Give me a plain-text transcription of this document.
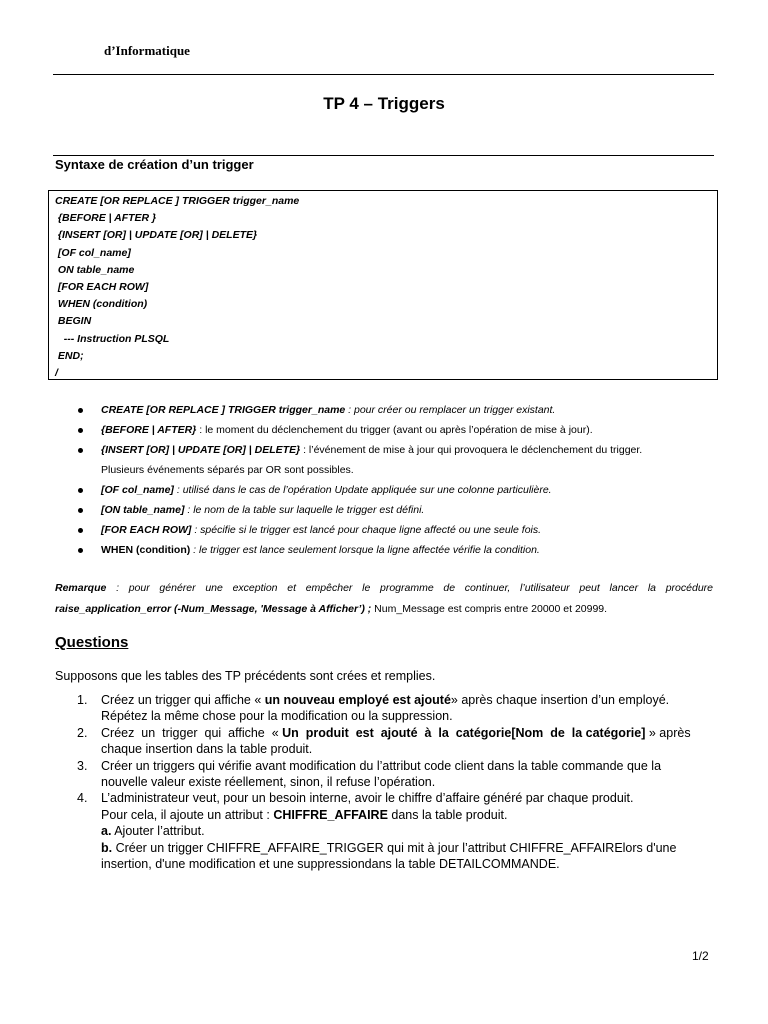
d’Informatique
TP 4 – Triggers
Syntaxe de création d’un trigger
CREATE [OR REPLACE ] TRIGGER trigger_name
{BEFORE | AFTER }
{INSERT [OR] | UPDATE [OR] | DELETE}
[OF col_name]
ON table_name
[FOR EACH ROW]
WHEN (condition)
BEGIN
--- Instruction PLSQL
END;
/
CREATE [OR REPLACE ] TRIGGER trigger_name : pour créer ou remplacer un trigger existant.
{BEFORE | AFTER} : le moment du déclenchement du trigger (avant ou après l’opération de mise à jour).
{INSERT [OR] | UPDATE [OR] | DELETE} : l’événement de mise à jour qui provoquera le déclenchement du trigger.
Plusieurs événements séparés par OR sont possibles.
[OF col_name] : utilisé dans le cas de l’opération Update appliquée sur une colonne particulière.
[ON table_name] : le nom de la table sur laquelle le trigger est défini.
[FOR EACH ROW] : spécifie si le trigger est lancé pour chaque ligne affecté ou une seule fois.
WHEN (condition) : le trigger est lance seulement lorsque la ligne affectée vérifie la condition.
Remarque : pour générer une exception et empêcher le programme de continuer, l’utilisateur peut lancer la procédure raise_application_error (-Num_Message, 'Message à Afficher’) ; Num_Message est compris entre 20000 et 20999.
Questions
Supposons que les tables des TP précédents sont crées et remplies.
1. Créez un trigger qui affiche « un nouveau employé est ajouté» après chaque insertion d’un employé.
Répétez la même chose pour la modification ou la suppression.
2. Créez  un  trigger  qui  affiche  « Un  produit  est  ajouté  à  la  catégorie[Nom  de  la catégorie] » après
chaque insertion dans la table produit.
3. Créer un triggers qui vérifie avant modification du l’attribut code client dans la table commande que la
nouvelle valeur existe réellement, sinon, il refuse l’opération.
4. L’administrateur veut, pour un besoin interne, avoir le chiffre d’affaire généré par chaque produit.
Pour cela, il ajoute un attribut : CHIFFRE_AFFAIRE dans la table produit.
a. Ajouter l’attribut.
b. Créer un trigger CHIFFRE_AFFAIRE_TRIGGER qui mit à jour l’attribut CHIFFRE_AFFAIRElors d'une
insertion, d'une modification et une suppressiondans la table DETAILCOMMANDE.
1/2
